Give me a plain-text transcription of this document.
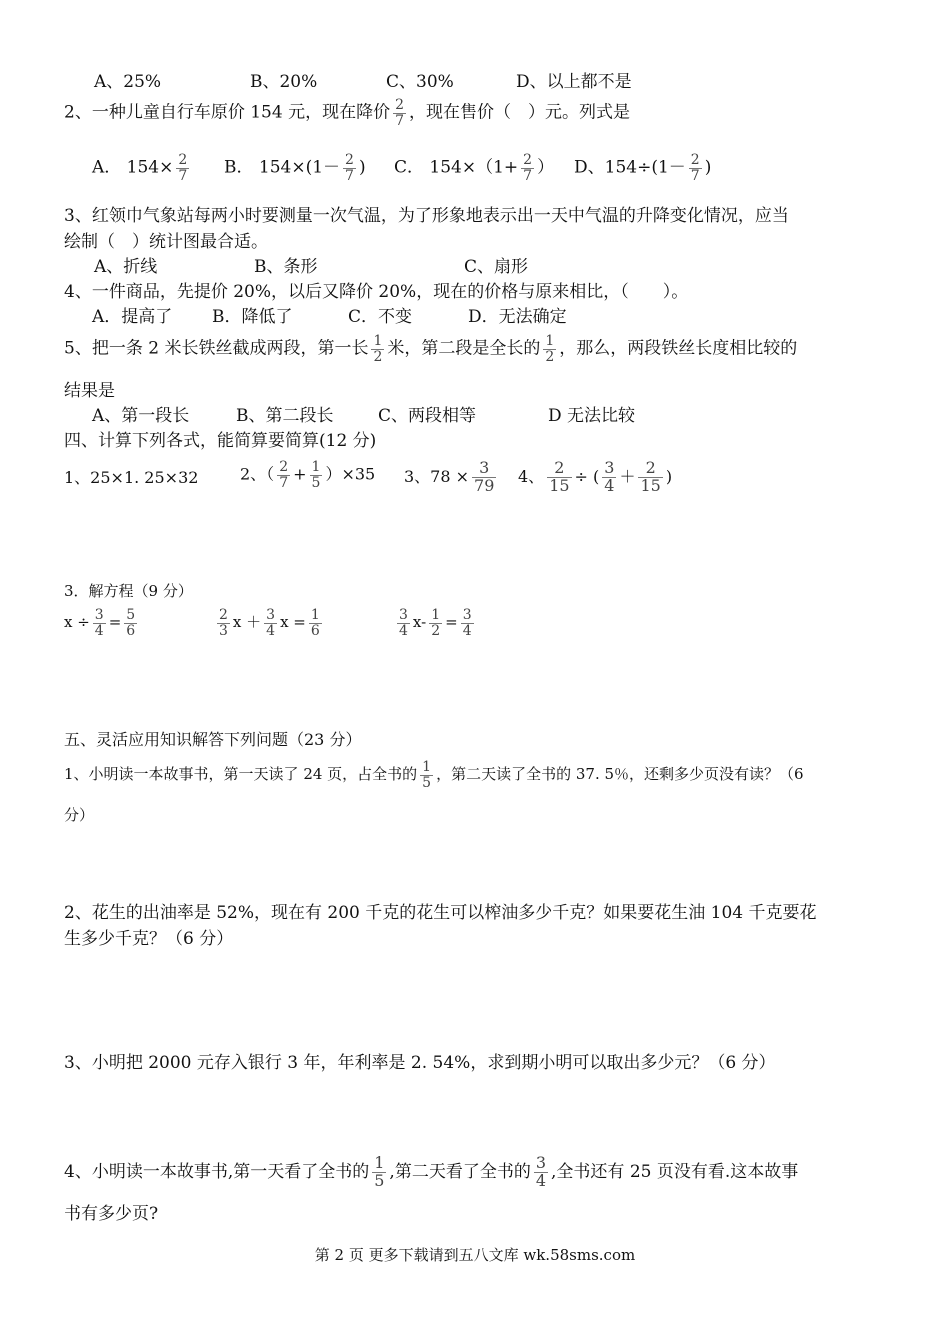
A、25%	B、20%	C、30%	D、以上都不是
2、一种儿童自行车原价 154 元，现在降价 $\frac{2}{7}$ ，现在售价（　）元。列式是
A． $154\times \frac{2}{7}$ B． $154\times(1- \frac{2}{7}$ ) C． $154\times(1+ \frac{2}{7}$ ） D、$154\div(1- \frac{2}{7}$ )
3、红领巾气象站每两小时要测量一次气温，为了形象地表示出一天中气温的升降变化情况，应当
绘制（　）统计图最合适。
A、折线	B、条形	C、扇形
4、一件商品，先提价 20%，以后又降价 20%，现在的价格与原来相比，（　　）。
A．提高了 B．降低了	C．不变	D．无法确定
5、把一条 2 米长铁丝截成两段，第一长 $\frac{1}{2}$ 米，第二段是全长的 $\frac{1}{2}$ ，那么，两段铁丝长度相比较的
结果是
A、第一段长	B、第二段长	C、两段相等	D 无法比较
四、计算下列各式，能简算要简算(12 分)
1、25×1. 25×32	2、（ $\frac{2}{7} + \frac{1}{5} )\times 35$ 3、$78 \times \frac{3}{79} 4$、 $\frac{2}{15}$ ÷ ( $\frac{3}{4} + \frac{2}{15}$ )
3．解方程（9 分）
$x \div \frac{3}{4} = \frac{5}{6}$	$\frac{2}{3}$ $x + \frac{3}{4}$ $x = \frac{1}{6}$	$\frac{3}{4} x- \frac{1}{2} = \frac{3}{4}$
五、灵活应用知识解答下列问题（23 分）
1、小明读一本故事书，第一天读了 24 页，占全书的 $\frac{1}{5}$ ，第二天读了全书的 37. 5％，还剩多少页没有读？（6
分）
2、花生的出油率是 52%，现在有 200 千克的花生可以榨油多少千克？如果要花生油 104 千克要花
生多少千克？（6 分）
3、小明把 2000 元存入银行 3 年，年利率是 2. 54%，求到期小明可以取出多少元？（6 分）
4、小明读一本故事书,第一天看了全书的 $\frac{1}{5}$ ,第二天看了全书的 $\frac{3}{4}$ ,全书还有 25 页没有看.这本故事
书有多少页?
第 2 页 更多下载请到五八文库 wk.58sms.com
